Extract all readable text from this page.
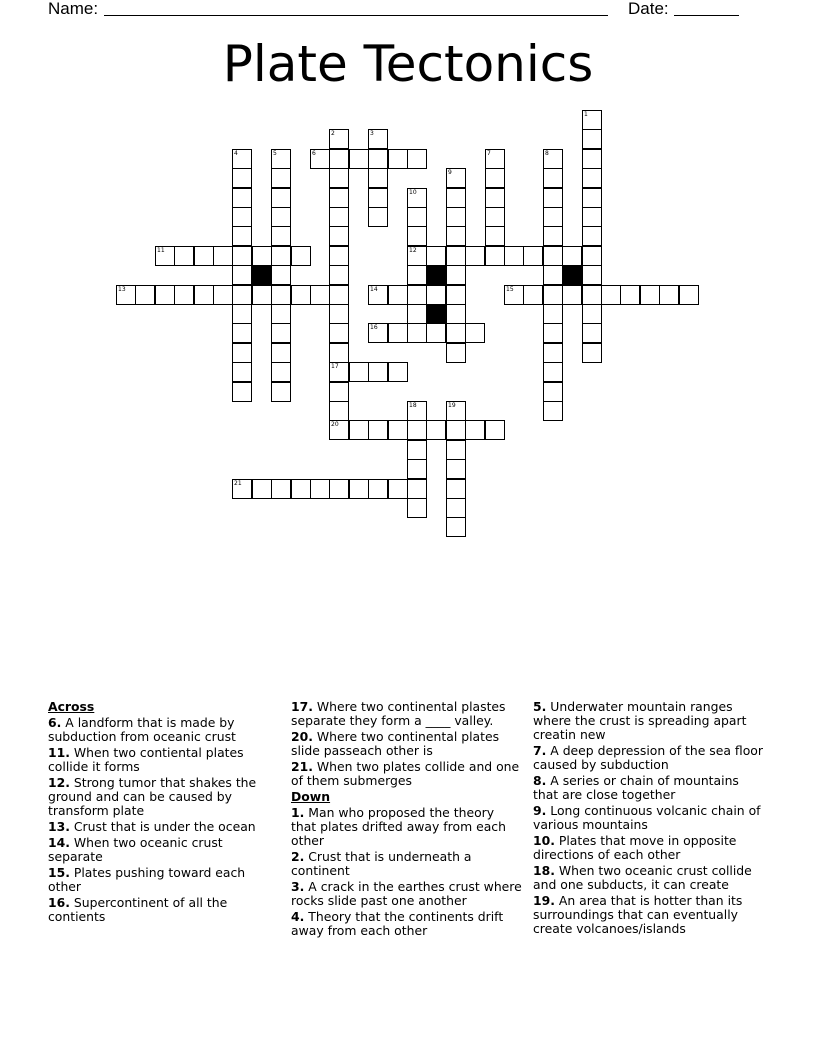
Name:	Date:
Plate Tectonics
6
11	12
13	14	15
16
17
20
21
1
2	3
4	5	7	8
9
10
18	19
Across
6. A landform that is made by subduction from oceanic crust
11. When two contiental plates collide it forms
12. Strong tumor that shakes the ground and can be caused by transform plate
13. Crust that is under the ocean
14. When two oceanic crust separate
15. Plates pushing toward each other
16. Supercontinent of all the contients
17. Where two continental plastes separate they form a ____ valley.
20. Where two continental plates slide passeach other is
21. When two plates collide and one of them submerges
Down
1. Man who proposed the theory that plates drifted away from each other
2. Crust that is underneath a continent
3. A crack in the earthes crust where rocks slide past one another
4. Theory that the continents drift away from each other
5. Underwater mountain ranges where the crust is spreading apart creatin new
7. A deep depression of the sea floor caused by subduction
8. A series or chain of mountains that are close together
9. Long continuous volcanic chain of various mountains
10. Plates that move in opposite directions of each other
18. When two oceanic crust collide and one subducts, it can create
19. An area that is hotter than its surroundings that can eventually create volcanoes/islands
